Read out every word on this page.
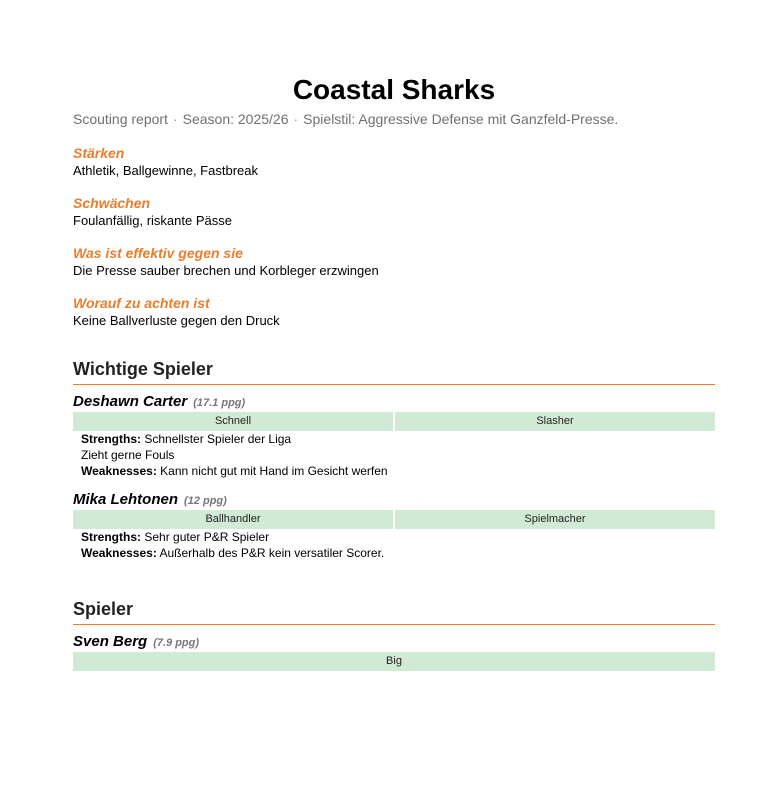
Coastal Sharks
Scouting report · Season: 2025/26 · Spielstil: Aggressive Defense mit Ganzfeld-Presse.
Stärken
Athletik, Ballgewinne, Fastbreak
Schwächen
Foulanfällig, riskante Pässe
Was ist effektiv gegen sie
Die Presse sauber brechen und Korbleger erzwingen
Worauf zu achten ist
Keine Ballverluste gegen den Druck
Wichtige Spieler
Deshawn Carter (17.1 ppg)
Schnell	Slasher
Strengths: Schnellster Spieler der Liga
Zieht gerne Fouls
Weaknesses: Kann nicht gut mit Hand im Gesicht werfen
Mika Lehtonen (12 ppg)
Ballhandler	Spielmacher
Strengths: Sehr guter P&R Spieler
Weaknesses: Außerhalb des P&R kein versatiler Scorer.
Spieler
Sven Berg (7.9 ppg)
Big
